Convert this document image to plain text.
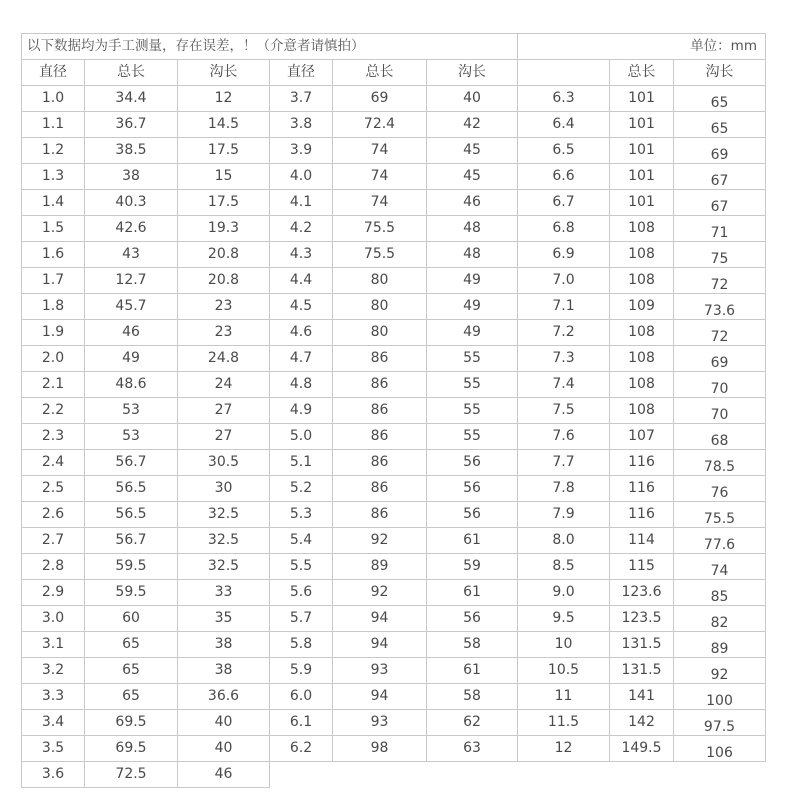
以下数据均为手工测量，存在误差，！（介意者请慎拍）						单位：mm		
直径	总长	沟长	直径	总长	沟长		总长	沟长
1.0	34.4	12	3.7	69	40	6.3	101	65
1.1	36.7	14.5	3.8	72.4	42	6.4	101	65
1.2	38.5	17.5	3.9	74	45	6.5	101	69
1.3	38	15	4.0	74	45	6.6	101	67
1.4	40.3	17.5	4.1	74	46	6.7	101	67
1.5	42.6	19.3	4.2	75.5	48	6.8	108	71
1.6	43	20.8	4.3	75.5	48	6.9	108	75
1.7	12.7	20.8	4.4	80	49	7.0	108	72
1.8	45.7	23	4.5	80	49	7.1	109	73.6
1.9	46	23	4.6	80	49	7.2	108	72
2.0	49	24.8	4.7	86	55	7.3	108	69
2.1	48.6	24	4.8	86	55	7.4	108	70
2.2	53	27	4.9	86	55	7.5	108	70
2.3	53	27	5.0	86	55	7.6	107	68
2.4	56.7	30.5	5.1	86	56	7.7	116	78.5
2.5	56.5	30	5.2	86	56	7.8	116	76
2.6	56.5	32.5	5.3	86	56	7.9	116	75.5
2.7	56.7	32.5	5.4	92	61	8.0	114	77.6
2.8	59.5	32.5	5.5	89	59	8.5	115	74
2.9	59.5	33	5.6	92	61	9.0	123.6	85
3.0	60	35	5.7	94	56	9.5	123.5	82
3.1	65	38	5.8	94	58	10	131.5	89
3.2	65	38	5.9	93	61	10.5	131.5	92
3.3	65	36.6	6.0	94	58	11	141	100
3.4	69.5	40	6.1	93	62	11.5	142	97.5
3.5	69.5	40	6.2	98	63	12	149.5	106
3.6	72.5	46						
